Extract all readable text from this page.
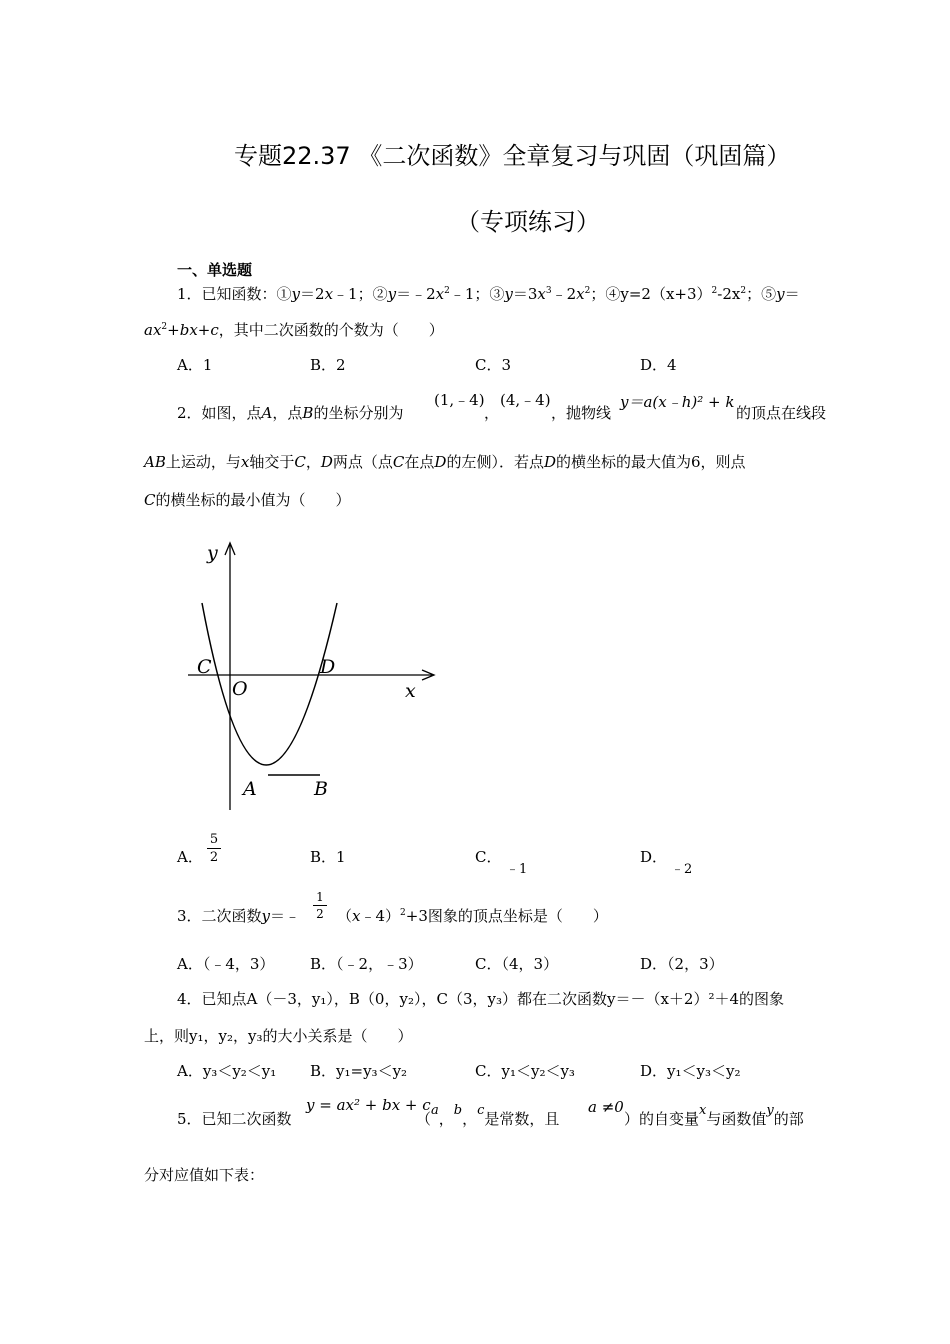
专题22.37 《二次函数》全章复习与巩固（巩固篇）
（专项练习）
一、单选题
1．已知函数：①y＝2x﹣1；$②y=﹣2x^2﹣1$；$③y=3x^3﹣2x^2$；$④y=2(x+3)^2-2x^2$；⑤y＝
$ax^2+bx+c$，其中二次函数的个数为（　　）
A．1	B．2	C．3	D．4
2．如图，点A，点B的坐标分别为
(1,﹣4)
，
(4,﹣4)
，抛物线
y＝a(x﹣h)² + k
的顶点在线段
AB上运动，与x轴交于C，D两点（点C在点D的左侧）．若点D的横坐标的最大值为6，则点
C的横坐标的最小值为（　　）
y
x
O
C	D
A	B
A．
5
2	B．1	C．
﹣1
D．
﹣2
3．二次函数y＝﹣
1
2 （x﹣4）$^2$+3图象的顶点坐标是（　　）
A．（﹣4，3） B．（﹣2，﹣3）	C．（4，3）	D．（2，3）
4．已知点A（－3，y₁），B（0，y₂），C（3，y₃）都在二次函数y＝－（x＋2）²＋4的图象
上，则y₁，y₂，y₃的大小关系是（　　）
A．y₃＜y₂＜y₁ B．y₁=y₃＜y₂	C．y₁＜y₂＜y₃	D．y₁＜y₃＜y₂
5．已知二次函数
y = ax² + bx + c
（a，b，c是常数，且
a ≠0
）的自变量x与函数值y的部
分对应值如下表：
